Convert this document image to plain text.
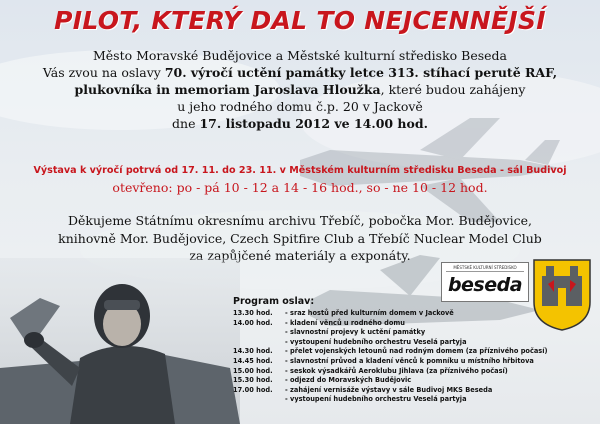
PILOT, KTERÝ DAL TO NEJCENNĚJŠÍ
Město Moravské Budějovice a Městské kulturní středisko Beseda
Vás zvou na oslavy 70. výročí uctění památky letce 313. stíhací perutě RAF,
plukovníka in memoriam Jaroslava Hloužka, které budou zahájeny
u jeho rodného domu č.p. 20 v Jackově
dne 17. listopadu 2012 ve 14.00 hod.
Výstava k výročí potrvá od 17. 11. do 23. 11. v Městském kulturním středisku Beseda - sál Budivoj
otevřeno: po - pá 10 - 12 a 14 - 16 hod., so - ne 10 - 12 hod.
Děkujeme Státnímu okresnímu archivu Třebíč, pobočka Mor. Budějovice,
knihovně Mor. Budějovice, Czech Spitfire Club a Třebíč Nuclear Model Club
za zapůjčené materiály a exponáty.
MĚSTSKÉ KULTURNÍ STŘEDISKO
beseda
Program oslav:
13.30 hod.	- sraz hostů před kulturním domem v Jackově
14.00 hod.	- kladení věnců u rodného domu
- slavnostní projevy k uctění památky
- vystoupení hudebního orchestru Veselá partyja
14.30 hod.	- přelet vojenských letounů nad rodným domem (za příznivého počasí)
14.45 hod.	- slavnostní průvod a kladení věnců k pomníku u místního hřbitova
15.00 hod.	- seskok výsadkářů Aeroklubu Jihlava (za příznivého počasí)
15.30 hod.	- odjezd do Moravských Budějovic
17.00 hod.	- zahájení vernisáže výstavy v sále Budivoj MKS Beseda
- vystoupení hudebního orchestru Veselá partyja
